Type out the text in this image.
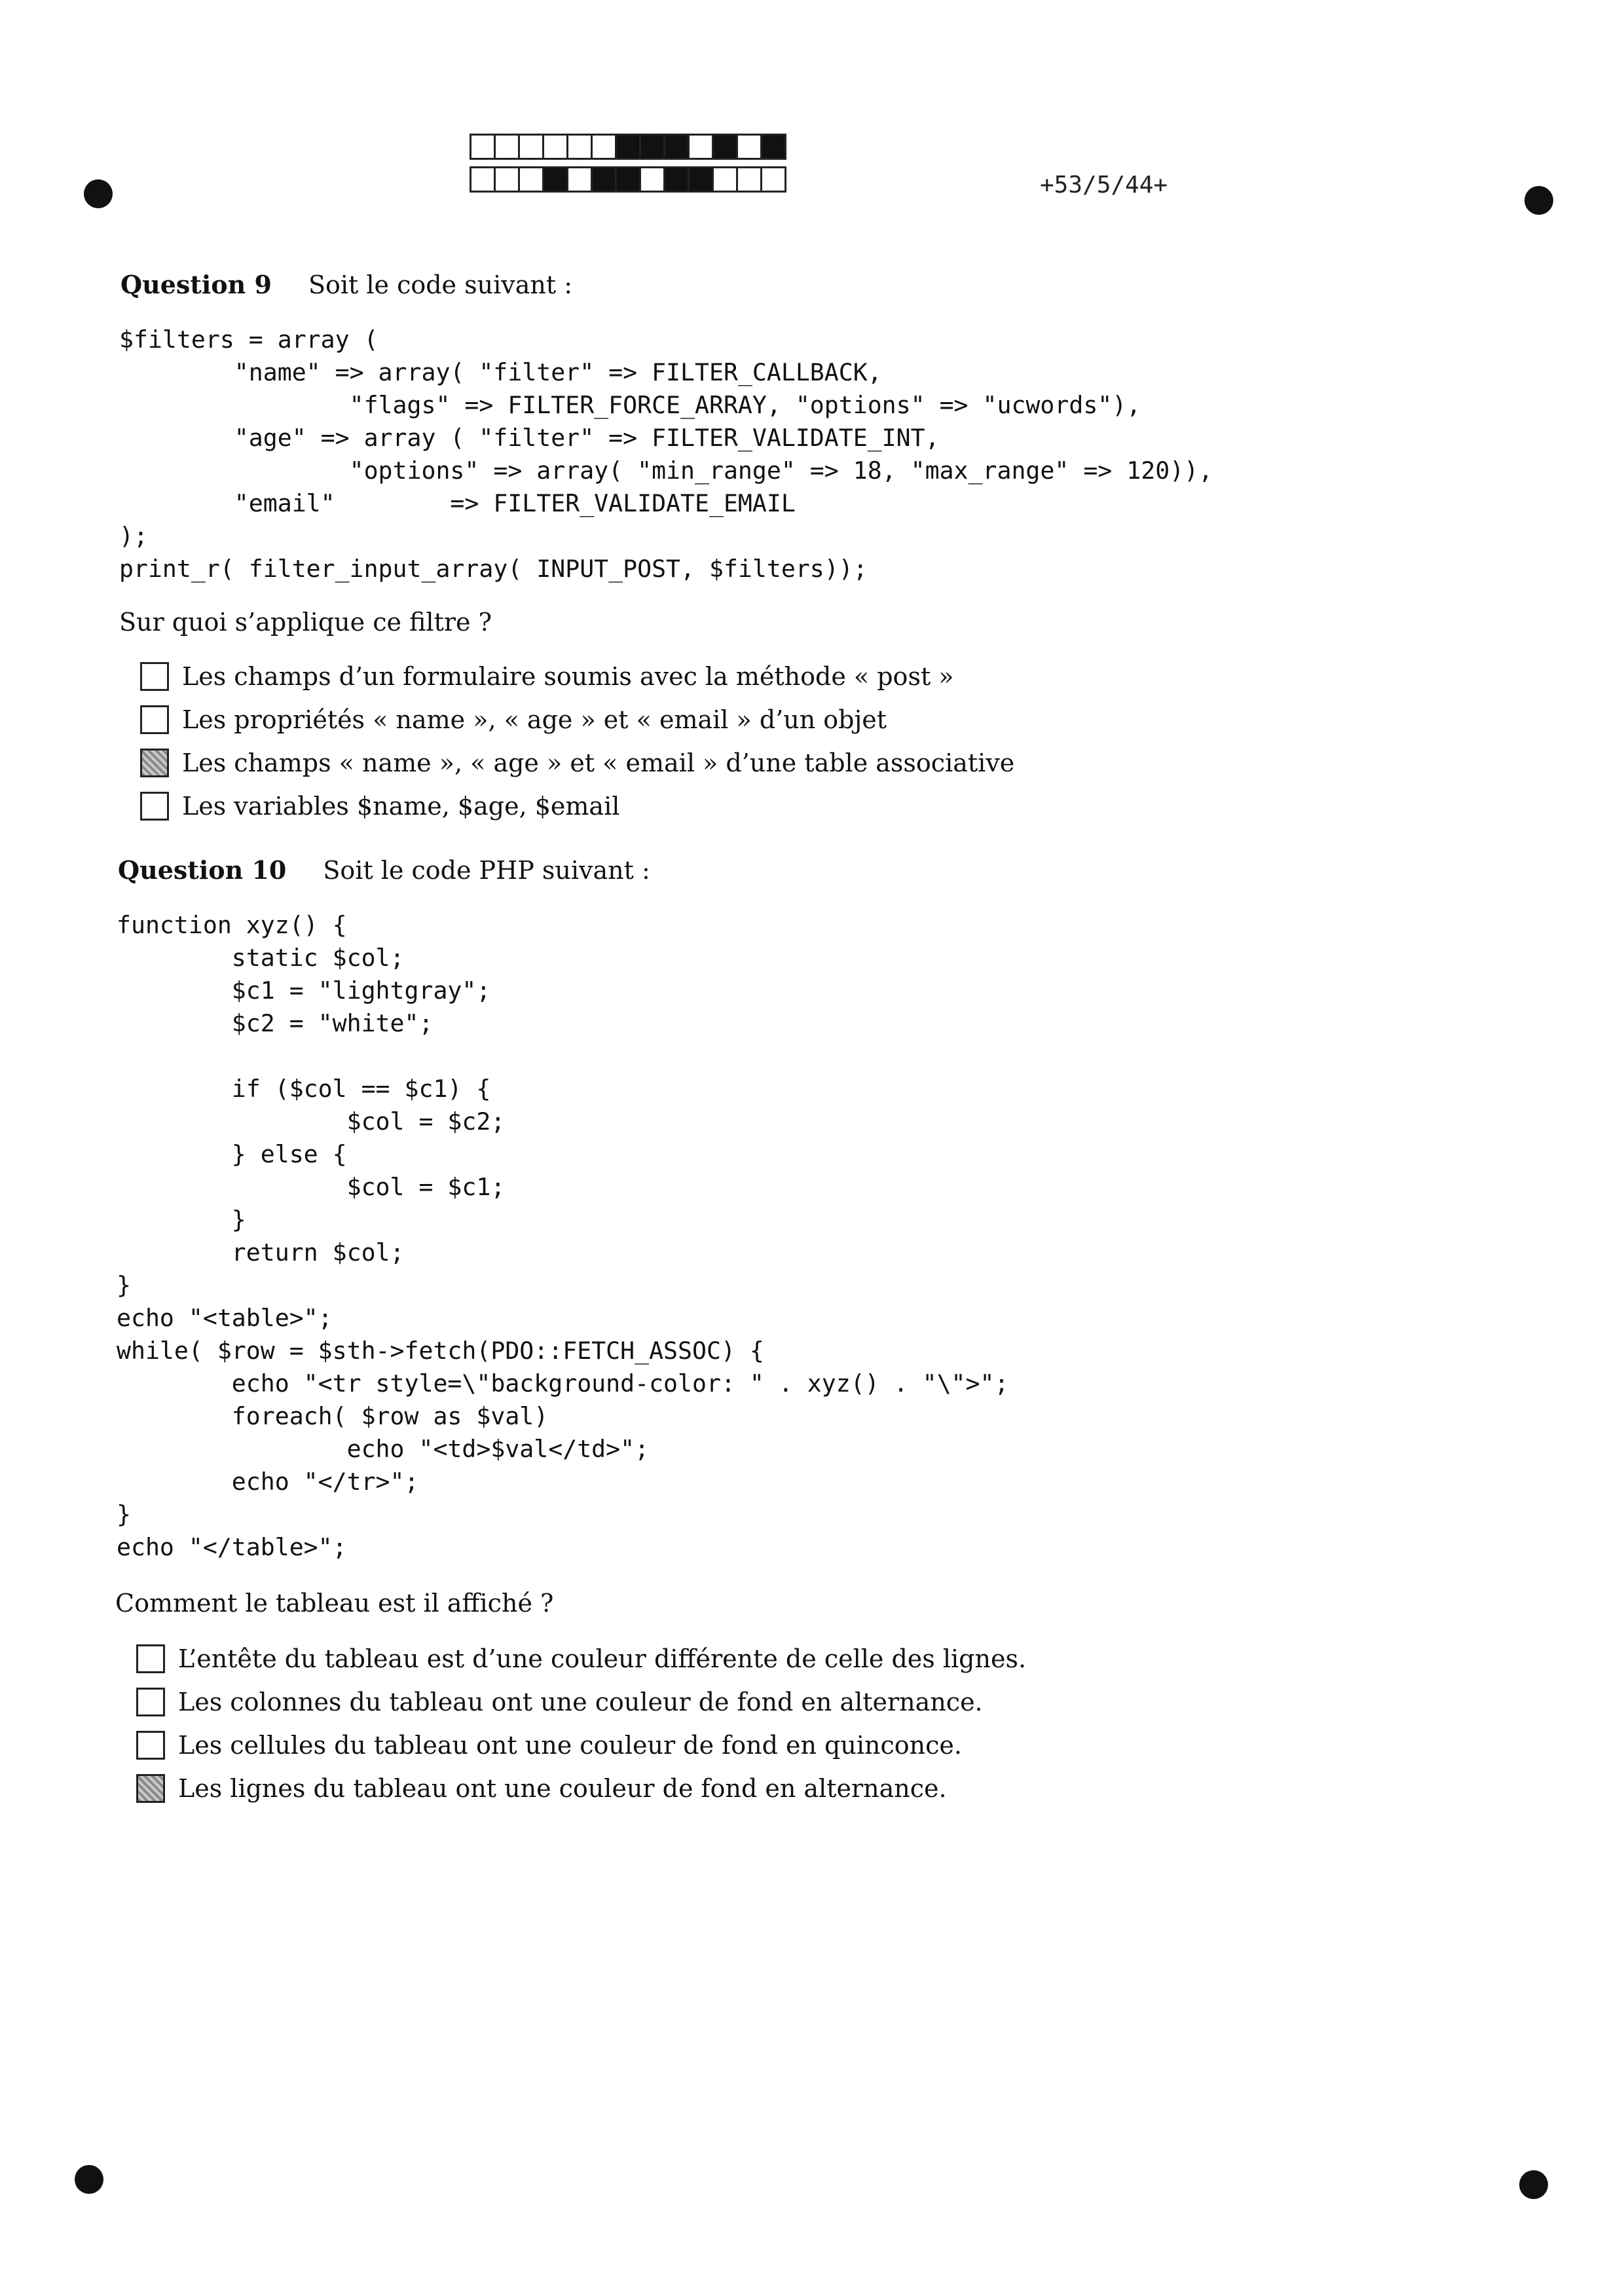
+53/5/44+
Question 9 Soit le code suivant :
$filters = array (
"name" => array( "filter" => FILTER_CALLBACK,
"flags" => FILTER_FORCE_ARRAY, "options" => "ucwords"),
"age" => array ( "filter" => FILTER_VALIDATE_INT,
"options" => array( "min_range" => 18, "max_range" => 120)),
"email"        => FILTER_VALIDATE_EMAIL
);
print_r( filter_input_array( INPUT_POST, $filters));
Sur quoi s’applique ce filtre ?
Les champs d’un formulaire soumis avec la méthode « post »
Les propriétés « name », « age » et « email » d’un objet
Les champs « name », « age » et « email » d’une table associative
Les variables $name, $age, $email
Question 10 Soit le code PHP suivant :
function xyz() {
static $col;
$c1 = "lightgray";
$c2 = "white";

if ($col == $c1) {
$col = $c2;
} else {
$col = $c1;
}
return $col;
}
echo "<table>";
while( $row = $sth->fetch(PDO::FETCH_ASSOC) {
echo "<tr style=\"background-color: " . xyz() . "\">";
foreach( $row as $val)
echo "<td>$val</td>";
echo "</tr>";
}
echo "</table>";
Comment le tableau est il affiché ?
L’entête du tableau est d’une couleur différente de celle des lignes.
Les colonnes du tableau ont une couleur de fond en alternance.
Les cellules du tableau ont une couleur de fond en quinconce.
Les lignes du tableau ont une couleur de fond en alternance.
